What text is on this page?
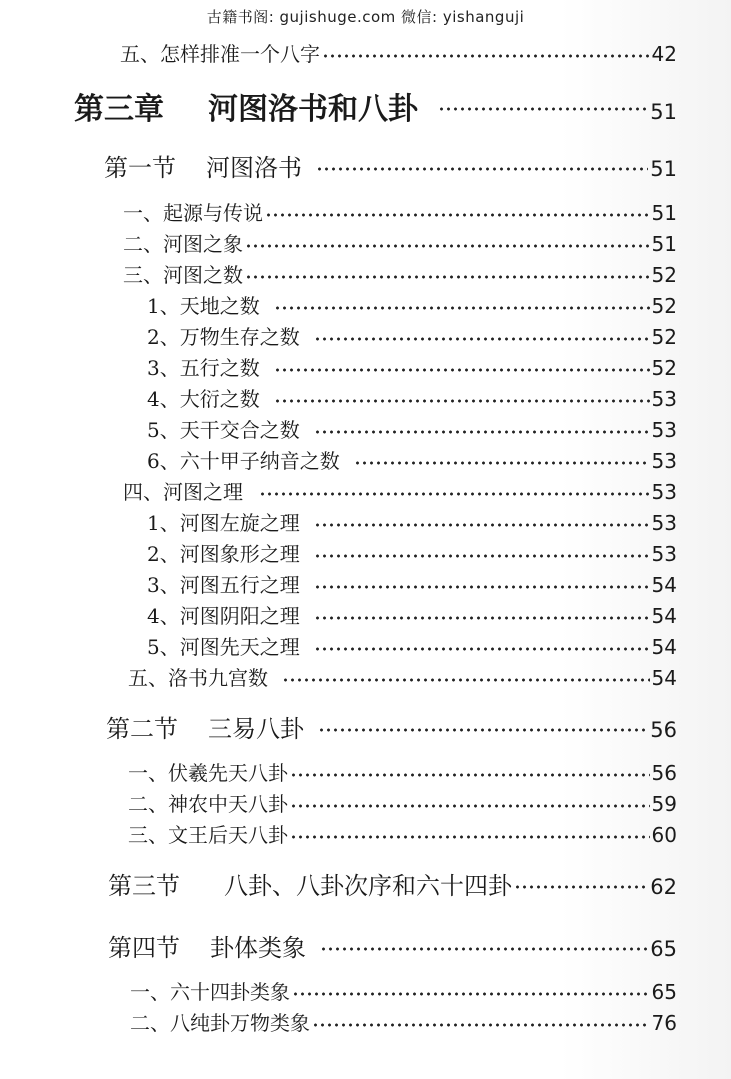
古籍书阁: gujishuge.com 微信: yishanguji
五、怎样排准一个八字	42
第三章 河图洛书和八卦	51
第一节 河图洛书	51
一、起源与传说	51
二、河图之象	51
三、河图之数	52
1、天地之数	52
2、万物生存之数	52
3、五行之数	52
4、大衍之数	53
5、天干交合之数	53
6、六十甲子纳音之数	53
四、河图之理	53
1、河图左旋之理	53
2、河图象形之理	53
3、河图五行之理	54
4、河图阴阳之理	54
5、河图先天之理	54
五、洛书九宫数	54
第二节 三易八卦	56
一、伏羲先天八卦	56
二、神农中天八卦	59
三、文王后天八卦	60
第三节 八卦、八卦次序和六十四卦	62
第四节 卦体类象	65
一、六十四卦类象	65
二、八纯卦万物类象	76
